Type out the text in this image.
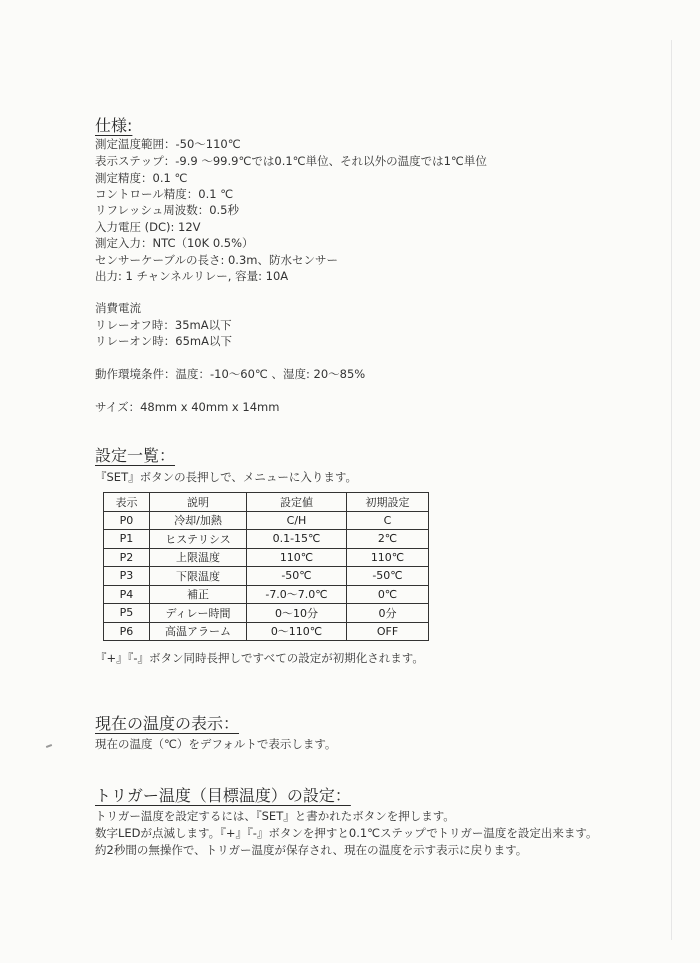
仕様:
測定温度範囲：-50〜110℃
表示ステップ：-9.9 〜99.9℃では0.1℃単位、それ以外の温度では1℃単位
測定精度：0.1 ℃
コントロール精度：0.1 ℃
リフレッシュ周波数：0.5秒
入力電圧 (DC): 12V
測定入力：NTC（10K 0.5%）
センサーケーブルの長さ: 0.3m、防水センサー
出力: 1 チャンネルリレー, 容量: 10A
消費電流
リレーオフ時：35mA以下
リレーオン時：65mA以下
動作環境条件：温度：-10〜60℃ 、湿度: 20〜85%
サイズ：48mm x 40mm x 14mm
設定一覧：
『SET』ボタンの長押しで、メニューに入ります。
表示	説明	設定値	初期設定
P0	冷却/加熱	C/H	C
P1	ヒステリシス	0.1-15℃	2℃
P2	上限温度	110℃	110℃
P3	下限温度	-50℃	-50℃
P4	補正	-7.0〜7.0℃	0℃
P5	ディレー時間	0〜10分	0分
P6	高温アラーム	0〜110℃	OFF
『+』『-』ボタン同時長押しですべての設定が初期化されます。
現在の温度の表示：
現在の温度（℃）をデフォルトで表示します。
トリガー温度（目標温度）の設定：
トリガー温度を設定するには、『SET』と書かれたボタンを押します。
数字LEDが点滅します。『+』『-』ボタンを押すと0.1℃ステップでトリガー温度を設定出来ます。
約2秒間の無操作で、トリガー温度が保存され、現在の温度を示す表示に戻ります。
